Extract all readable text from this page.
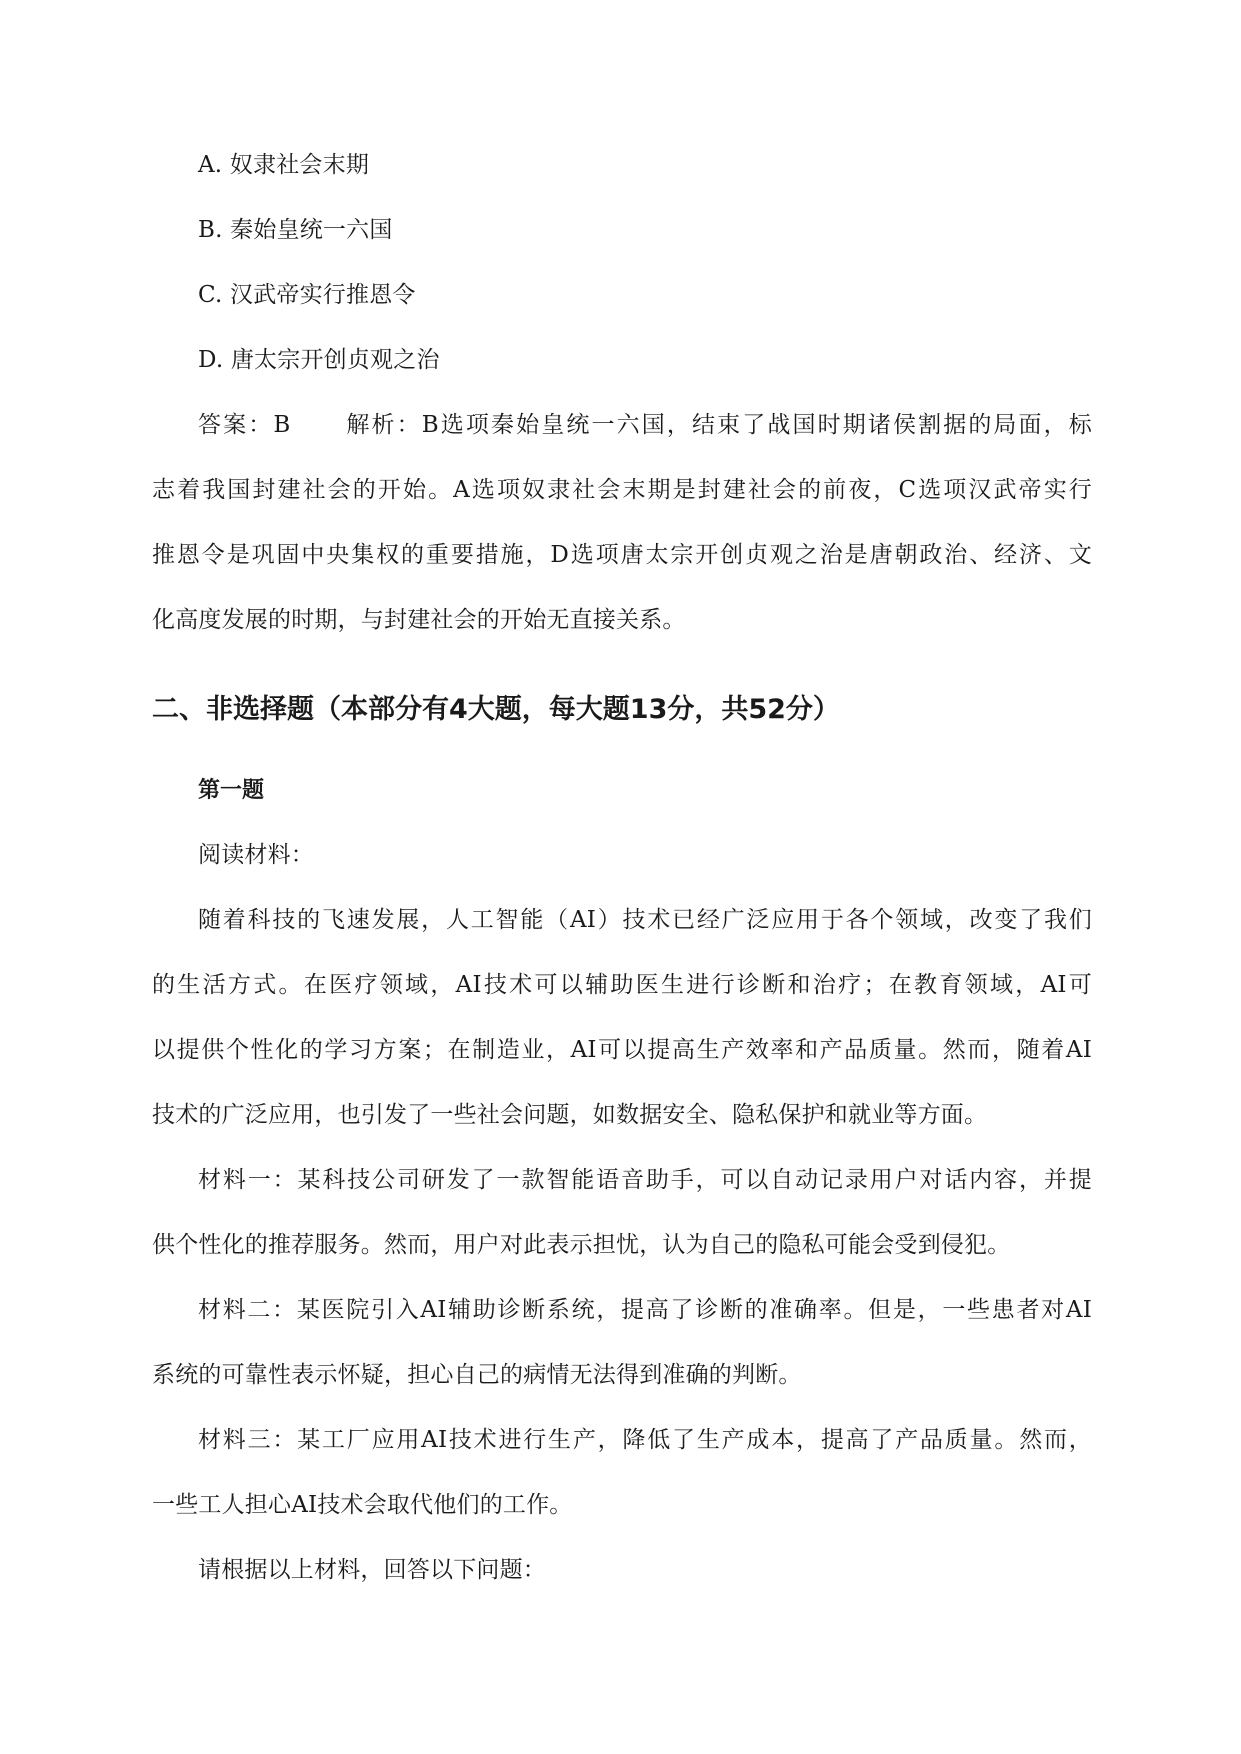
A. 奴隶社会末期
B. 秦始皇统一六国
C. 汉武帝实行推恩令
D. 唐太宗开创贞观之治
答案：B 解析：B选项秦始皇统一六国，结束了战国时期诸侯割据的局面，标
志着我国封建社会的开始。A选项奴隶社会末期是封建社会的前夜，C选项汉武帝实行
推恩令是巩固中央集权的重要措施，D选项唐太宗开创贞观之治是唐朝政治、经济、文
化高度发展的时期，与封建社会的开始无直接关系。
二、非选择题（本部分有4大题，每大题13分，共52分）
第一题
阅读材料：
随着科技的飞速发展，人工智能（AI）技术已经广泛应用于各个领域，改变了我们
的生活方式。在医疗领域，AI技术可以辅助医生进行诊断和治疗；在教育领域，AI可
以提供个性化的学习方案；在制造业，AI可以提高生产效率和产品质量。然而，随着AI
技术的广泛应用，也引发了一些社会问题，如数据安全、隐私保护和就业等方面。
材料一：某科技公司研发了一款智能语音助手，可以自动记录用户对话内容，并提
供个性化的推荐服务。然而，用户对此表示担忧，认为自己的隐私可能会受到侵犯。
材料二：某医院引入AI辅助诊断系统，提高了诊断的准确率。但是，一些患者对AI
系统的可靠性表示怀疑，担心自己的病情无法得到准确的判断。
材料三：某工厂应用AI技术进行生产，降低了生产成本，提高了产品质量。然而，
一些工人担心AI技术会取代他们的工作。
请根据以上材料，回答以下问题：
